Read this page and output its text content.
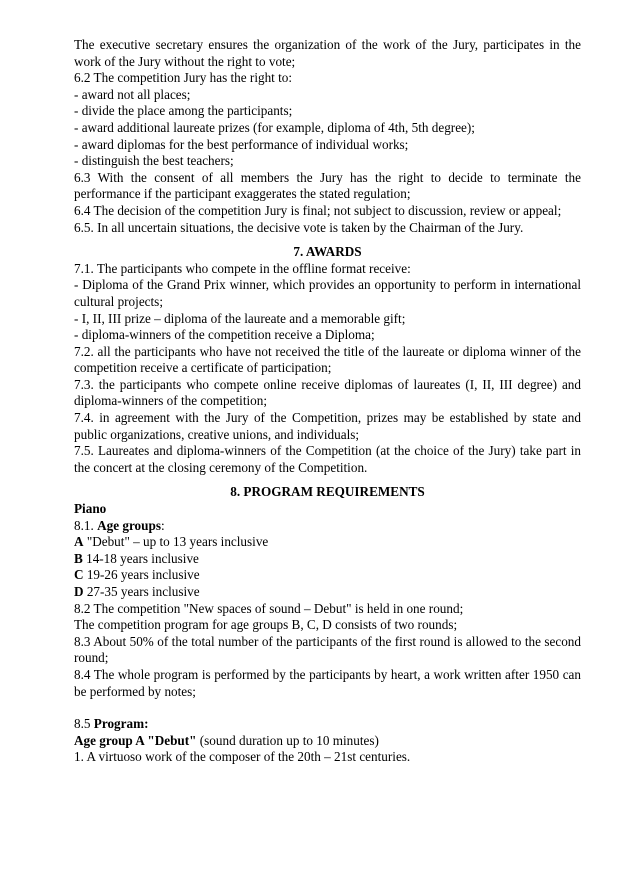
The executive secretary ensures the organization of the work of the Jury, participates in the work of the Jury without the right to vote;

6.2 The competition Jury has the right to:

- award not all places;

- divide the place among the participants;

- award additional laureate prizes (for example, diploma of 4th, 5th degree);

- award diplomas for the best performance of individual works;

- distinguish the best teachers;

6.3 With the consent of all members the Jury has the right to decide to terminate the performance if the participant exaggerates the stated regulation;

6.4 The decision of the competition Jury is final; not subject to discussion, review or appeal;

6.5. In all uncertain situations, the decisive vote is taken by the Chairman of the Jury.

7. AWARDS

7.1. The participants who compete in the offline format receive:

- Diploma of the Grand Prix winner, which provides an opportunity to perform in international cultural projects;

- I, II, III prize – diploma of the laureate and a memorable gift;

- diploma-winners of the competition receive a Diploma;

7.2. all the participants who have not received the title of the laureate or diploma winner of the competition receive a certificate of participation;

7.3. the participants who compete online receive diplomas of laureates (I, II, III degree) and diploma-winners of the competition;

7.4. in agreement with the Jury of the Competition, prizes may be established by state and public organizations, creative unions, and individuals;

7.5. Laureates and diploma-winners of the Competition (at the choice of the Jury) take part in the concert at the closing ceremony of the Competition.

8. PROGRAM REQUIREMENTS

Piano

8.1. Age groups:

A "Debut" – up to 13 years inclusive

B 14-18 years inclusive

C 19-26 years inclusive

D 27-35 years inclusive

8.2 The competition "New spaces of sound – Debut" is held in one round;

The competition program for age groups B, C, D consists of two rounds;

8.3 About 50% of the total number of the participants of the first round is allowed to the second round;

8.4 The whole program is performed by the participants by heart, a work written after 1950 can be performed by notes;

8.5 Program:

Age group A "Debut" (sound duration up to 10 minutes)

1. A virtuoso work of the composer of the 20th – 21st centuries.
